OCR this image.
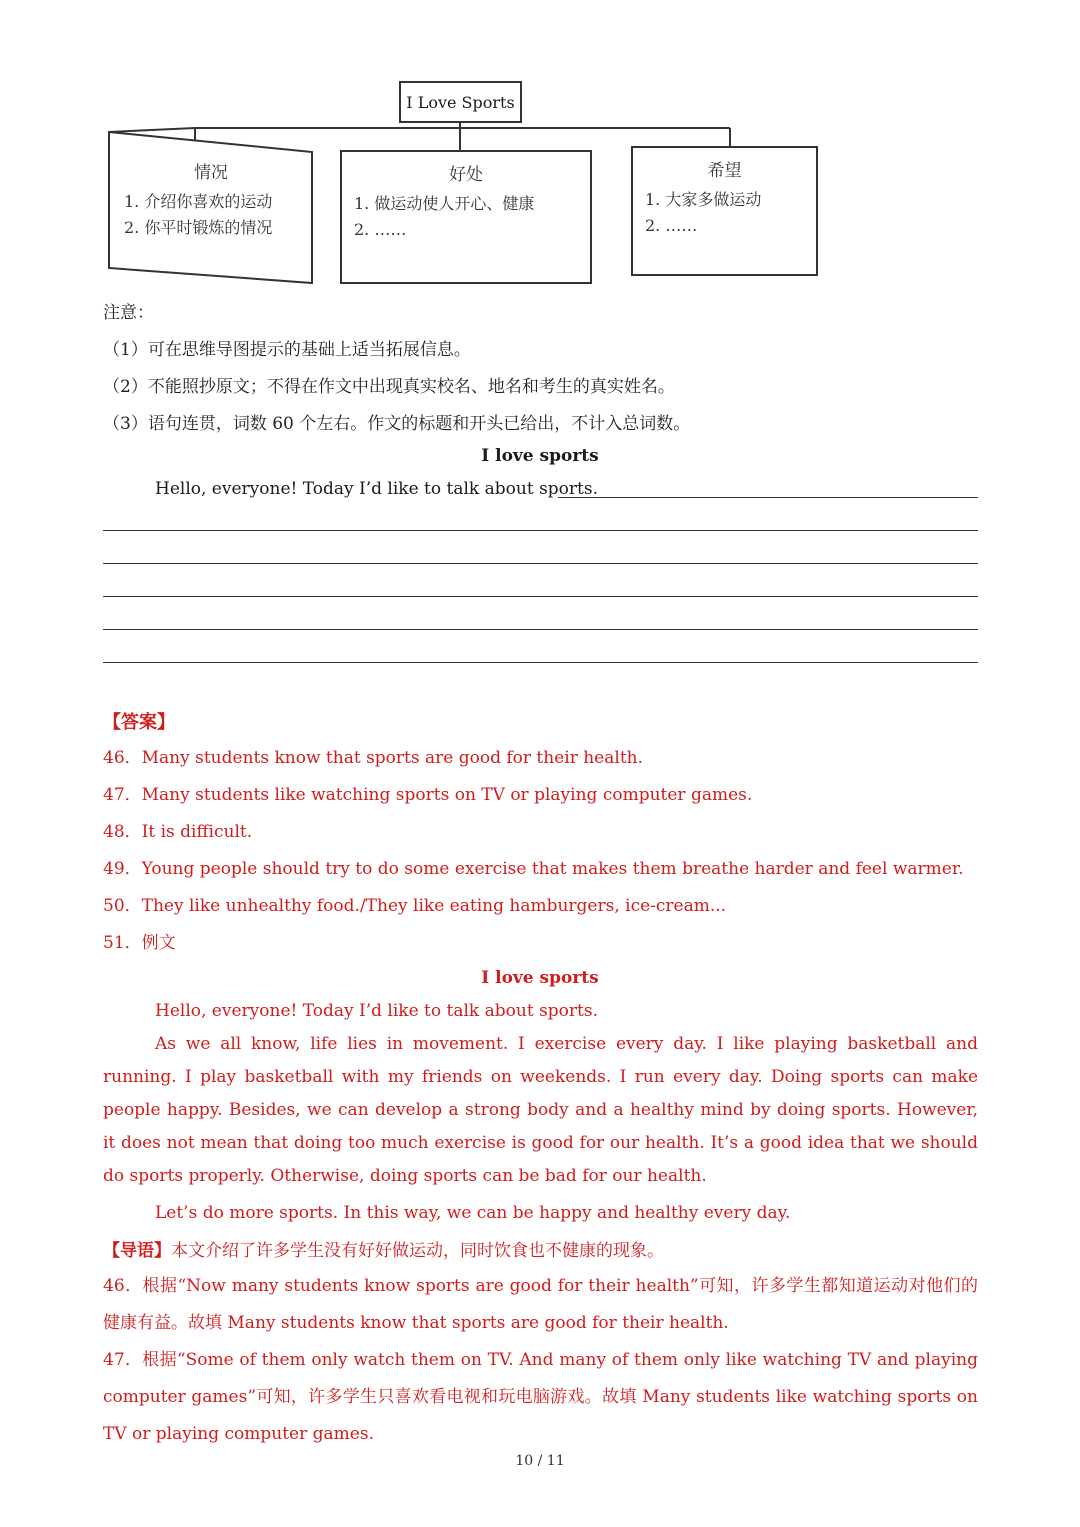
I Love Sports
情况
1. 介绍你喜欢的运动
2. 你平时锻炼的情况
好处
1. 做运动使人开心、健康
2. ……
希望
1. 大家多做运动
2. ……
注意：
（1）可在思维导图提示的基础上适当拓展信息。
（2）不能照抄原文；不得在作文中出现真实校名、地名和考生的真实姓名。
（3）语句连贯，词数 60 个左右。作文的标题和开头已给出，不计入总词数。
I love sports
Hello, everyone! Today I’d like to talk about sports.
【答案】
46．Many students know that sports are good for their health.
47．Many students like watching sports on TV or playing computer games.
48．It is difficult.
49．Young people should try to do some exercise that makes them breathe harder and feel warmer.
50．They like unhealthy food./They like eating hamburgers, ice-cream...
51．例文
I love sports
Hello, everyone! Today I’d like to talk about sports.
As we all know, life lies in movement. I exercise every day. I like playing basketball and running. I play basketball with my friends on weekends. I run every day. Doing sports can make people happy. Besides, we can develop a strong body and a healthy mind by doing sports. However, it does not mean that doing too much exercise is good for our health. It’s a good idea that we should do sports properly. Otherwise, doing sports can be bad for our health.
Let’s do more sports. In this way, we can be happy and healthy every day.
【导语】本文介绍了许多学生没有好好做运动，同时饮食也不健康的现象。
46．根据“Now many students know sports are good for their health”可知，许多学生都知道运动对他们的健康有益。故填 Many students know that sports are good for their health.
47．根据“Some of them only watch them on TV. And many of them only like watching TV and playing computer games”可知，许多学生只喜欢看电视和玩电脑游戏。故填 Many students like watching sports on TV or playing computer games.
10 / 11
